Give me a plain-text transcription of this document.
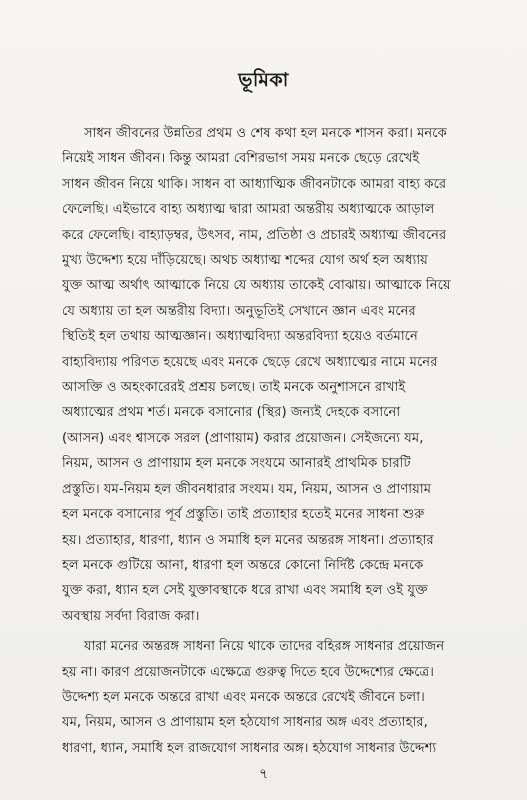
ভূমিকা

সাধন জীবনের উন্নতির প্রথম ও শেষ কথা হল মনকে শাসন করা। মনকে
নিয়েই সাধন জীবন। কিন্তু আমরা বেশিরভাগ সময় মনকে ছেড়ে রেখেই
সাধন জীবন নিয়ে থাকি। সাধন বা আধ্যাত্মিক জীবনটাকে আমরা বাহ্য করে
ফেলেছি। এইভাবে বাহ্য অধ্যাত্ম দ্বারা আমরা অন্তরীয় অধ্যাত্মকে আড়াল
করে ফেলেছি। বাহ্যাড়ম্বর, উৎসব, নাম, প্রতিষ্ঠা ও প্রচারই অধ্যাত্ম জীবনের
মুখ্য উদ্দেশ্য হয়ে দাঁড়িয়েছে। অথচ অধ্যাত্ম শব্দের যোগ অর্থ হল অধ্যায়
যুক্ত আত্ম অর্থাৎ আত্মাকে নিয়ে যে অধ্যায় তাকেই বোঝায়। আত্মাকে নিয়ে
যে অধ্যায় তা হল অন্তরীয় বিদ্যা। অনুভূতিই সেখানে জ্ঞান এবং মনের
স্থিতিই হল তথায় আত্মজ্ঞান। অধ্যাত্মবিদ্যা অন্তরবিদ্যা হয়েও বর্তমানে
বাহ্যবিদ্যায় পরিণত হয়েছে এবং মনকে ছেড়ে রেখে অধ্যাত্মের নামে মনের
আসক্তি ও অহংকারেরই প্রশ্রয় চলছে। তাই মনকে অনুশাসনে রাখাই
অধ্যাত্মের প্রথম শর্ত। মনকে বসানোর (স্থির) জন্যই দেহকে বসানো
(আসন) এবং শ্বাসকে সরল (প্রাণায়াম) করার প্রয়োজন। সেইজন্যে যম,
নিয়ম, আসন ও প্রাণায়াম হল মনকে সংযমে আনারই প্রাথমিক চারটি
প্রস্তুতি। যম-নিয়ম হল জীবনধারার সংযম। যম, নিয়ম, আসন ও প্রাণায়াম
হল মনকে বসানোর পূর্ব প্রস্তুতি। তাই প্রত্যাহার হতেই মনের সাধনা শুরু
হয়। প্রত্যাহার, ধারণা, ধ্যান ও সমাধি হল মনের অন্তরঙ্গ সাধনা। প্রত্যাহার
হল মনকে গুটিয়ে আনা, ধারণা হল অন্তরে কোনো নির্দিষ্ট কেন্দ্রে মনকে
যুক্ত করা, ধ্যান হল সেই যুক্তাবস্থাকে ধরে রাখা এবং সমাধি হল ওই যুক্ত
অবস্থায় সর্বদা বিরাজ করা।

যারা মনের অন্তরঙ্গ সাধনা নিয়ে থাকে তাদের বহিরঙ্গ সাধনার প্রয়োজন
হয় না। কারণ প্রয়োজনটাকে এক্ষেত্রে গুরুত্ব দিতে হবে উদ্দেশ্যের ক্ষেত্রে।
উদ্দেশ্য হল মনকে অন্তরে রাখা এবং মনকে অন্তরে রেখেই জীবনে চলা।
যম, নিয়ম, আসন ও প্রাণায়াম হল হঠযোগ সাধনার অঙ্গ এবং প্রত্যাহার,
ধারণা, ধ্যান, সমাধি হল রাজযোগ সাধনার অঙ্গ। হঠযোগ সাধনার উদ্দেশ্য

৭
